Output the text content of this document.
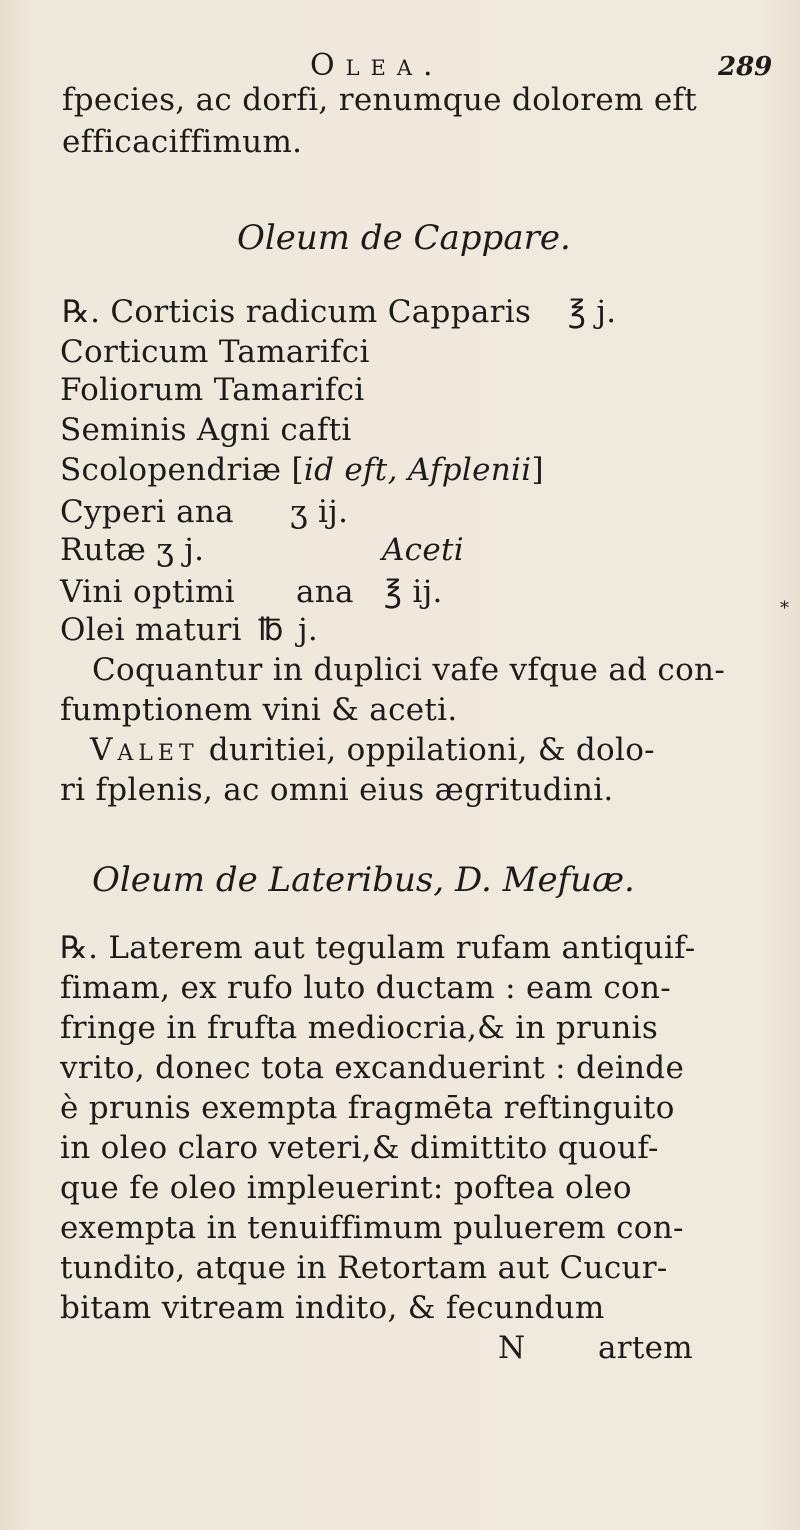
Olea.	289
fpecies, ac dorfi, renumque dolorem eft
efficaciffimum.
Oleum de Cappare.
℞. Corticis radicum Capparis ℥ j.
Corticum Tamarifci
Foliorum Tamarifci
Seminis Agni cafti
Scolopendriæ [id eft, Afplenii]
Cyperi ana ʒ ij.
Rutæ ʒ j.	Aceti
Vini optimi ana ℥ ij.
Olei maturi ℔ j.
*
Coquantur in duplici vafe vfque ad con-
fumptionem vini & aceti.
Valet duritiei, oppilationi, & dolo-
ri fplenis, ac omni eius ægritudini.
Oleum de Lateribus, D. Mefuæ.
℞. Laterem aut tegulam rufam antiquif-
fimam, ex rufo luto ductam : eam con-
fringe in frufta mediocria,& in prunis
vrito, donec tota excanduerint : deinde
è prunis exempta fragmēta reftinguito
in oleo claro veteri,& dimittito quouf-
que fe oleo impleuerint: poftea oleo
exempta in tenuiffimum puluerem con-
tundito, atque in Retortam aut Cucur-
bitam vitream indito, & fecundum
N artem
